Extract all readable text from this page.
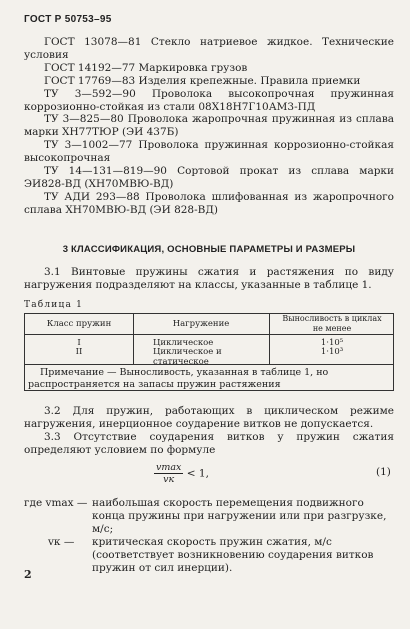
ГОСТ Р 50753–95
ГОСТ 13078—81 Стекло натриевое жидкое. Технические условия
ГОСТ 14192—77 Маркировка грузов
ГОСТ 17769—83 Изделия крепежные. Правила приемки
ТУ 3—592—90 Проволока высокопрочная пружинная коррозионно-стойкая из стали 08Х18Н7Г10АМ3-ПД
ТУ 3—825—80 Проволока жаропрочная пружинная из сплава марки ХН77ТЮР (ЭИ 437Б)
ТУ 3—1002—77 Проволока пружинная коррозионно-стойкая высокопрочная
ТУ 14—131—819—90 Сортовой прокат из сплава марки ЭИ828-ВД (ХН70МВЮ-ВД)
ТУ АДИ 293—88 Проволока шлифованная из жаропрочного сплава ХН70МВЮ-ВД (ЭИ 828-ВД)
3 КЛАССИФИКАЦИЯ, ОСНОВНЫЕ ПАРАМЕТРЫ И РАЗМЕРЫ
3.1 Винтовые пружины сжатия и растяжения по виду нагружения подразделяют на классы, указанные в таблице 1.
Таблица 1
Класс пружин	Нагружение
Выносливость в циклах не менее
I
II
Циклическое
Циклическое и статическое
1·10⁵
1·10³
Примечание — Выносливость, указанная в таблице 1, но распространяется на запасы пружин растяжения
3.2 Для пружин, работающих в циклическом режиме нагружения, инерционное соударение витков не допускается.
3.3 Отсутствие соударения витков у пружин сжатия определяют условием по формуле
$\frac{vmax}{vк} < 1$,	(1)
где vmax — наибольшая скорость перемещения подвижного конца пружины при нагружении или при разгрузке, м/с;
vк — критическая скорость пружин сжатия, м/с (соответствует возникновению соударения витков пружин от сил инерции).
2
